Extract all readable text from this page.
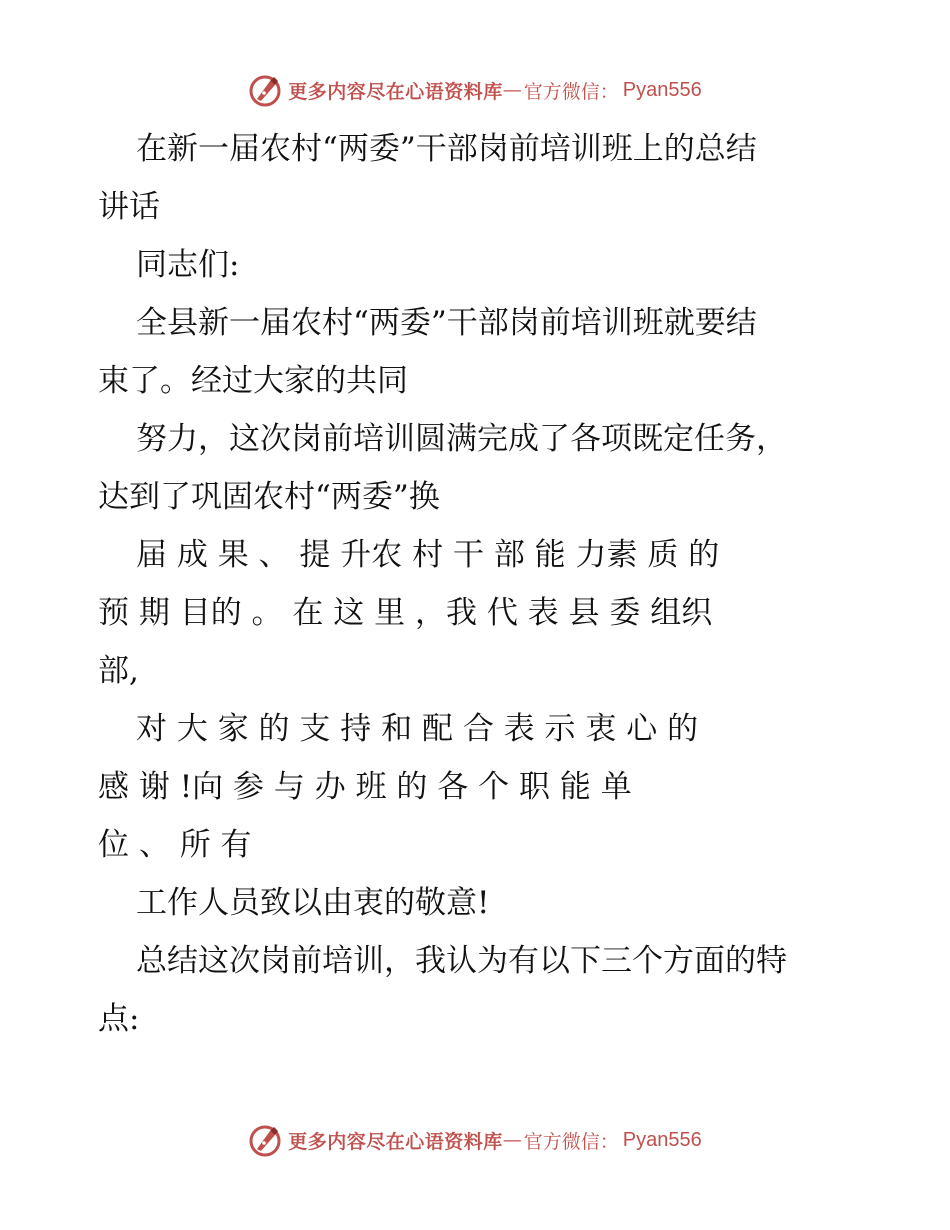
更多内容尽在心语资料库 — 官方微信： Pyan556
在新一届农村“两委”干部岗前培训班上的总结
讲话
同志们:
全县新一届农村“两委”干部岗前培训班就要结
束了。经过大家的共同
努力，这次岗前培训圆满完成了各项既定任务，
达到了巩固农村“两委”换
届 成 果 、 提 升农 村 干 部 能 力素 质 的
预 期 目的 。 在 这 里 ，我 代 表 县 委 组织
部,
对 大 家 的 支 持 和 配 合 表 示 衷 心 的
感 谢 !向 参 与 办 班 的 各 个 职 能 单
位 、 所 有
工作人员致以由衷的敬意!
总结这次岗前培训，我认为有以下三个方面的特
点:
更多内容尽在心语资料库 — 官方微信： Pyan556
